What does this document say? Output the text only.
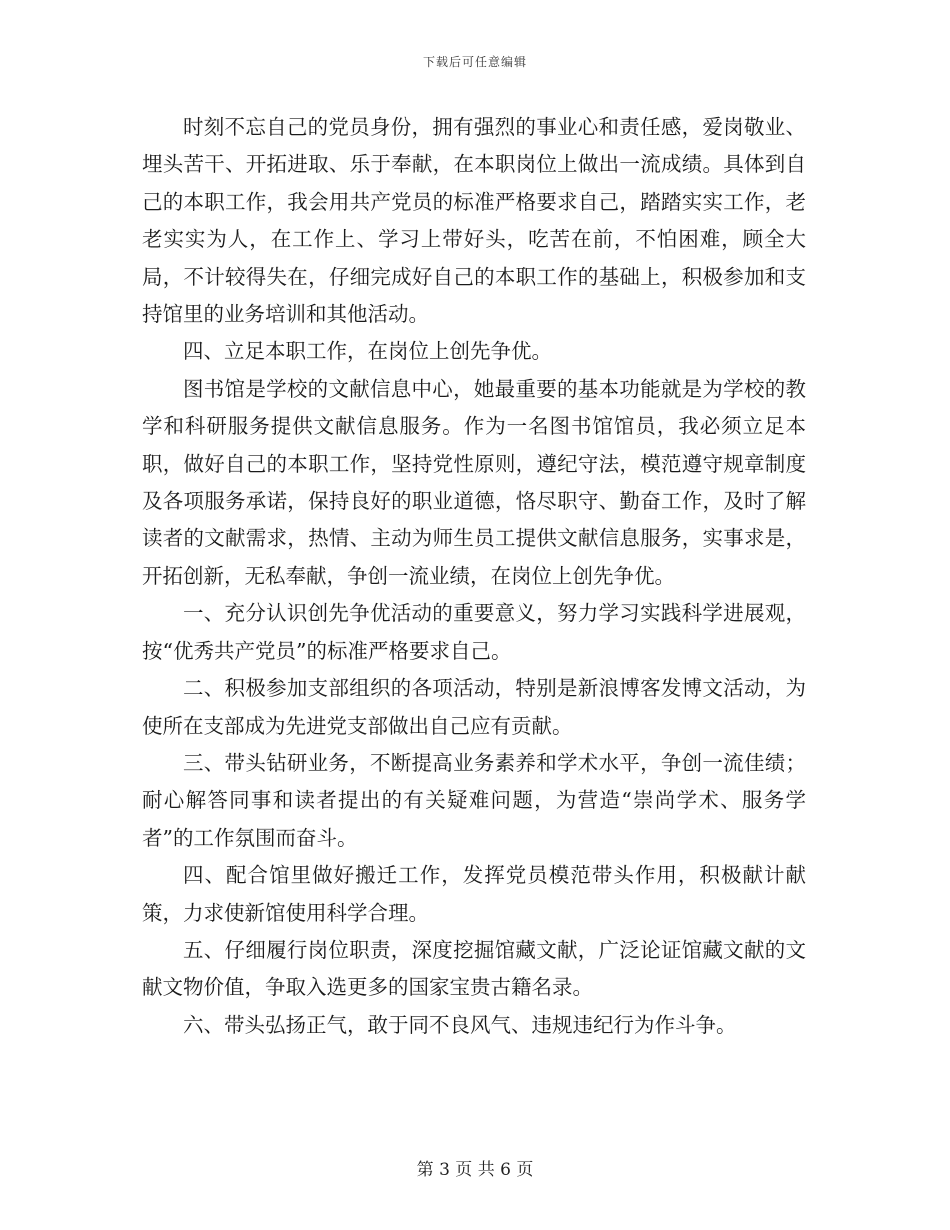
下载后可任意编辑

时刻不忘自己的党员身份，拥有强烈的事业心和责任感，爱岗敬业、埋头苦干、开拓进取、乐于奉献，在本职岗位上做出一流成绩。具体到自己的本职工作，我会用共产党员的标准严格要求自己，踏踏实实工作，老老实实为人，在工作上、学习上带好头，吃苦在前，不怕困难，顾全大局，不计较得失在，仔细完成好自己的本职工作的基础上，积极参加和支持馆里的业务培训和其他活动。

四、立足本职工作，在岗位上创先争优。

图书馆是学校的文献信息中心，她最重要的基本功能就是为学校的教学和科研服务提供文献信息服务。作为一名图书馆馆员，我必须立足本职，做好自己的本职工作，坚持党性原则，遵纪守法，模范遵守规章制度及各项服务承诺，保持良好的职业道德，恪尽职守、勤奋工作，及时了解读者的文献需求，热情、主动为师生员工提供文献信息服务，实事求是，开拓创新，无私奉献，争创一流业绩，在岗位上创先争优。

一、充分认识创先争优活动的重要意义，努力学习实践科学进展观，按“优秀共产党员”的标准严格要求自己。

二、积极参加支部组织的各项活动，特别是新浪博客发博文活动，为使所在支部成为先进党支部做出自己应有贡献。

三、带头钻研业务，不断提高业务素养和学术水平，争创一流佳绩；耐心解答同事和读者提出的有关疑难问题，为营造“崇尚学术、服务学者”的工作氛围而奋斗。

四、配合馆里做好搬迁工作，发挥党员模范带头作用，积极献计献策，力求使新馆使用科学合理。

五、仔细履行岗位职责，深度挖掘馆藏文献，广泛论证馆藏文献的文献文物价值，争取入选更多的国家宝贵古籍名录。

六、带头弘扬正气，敢于同不良风气、违规违纪行为作斗争。

第 3 页 共 6 页
